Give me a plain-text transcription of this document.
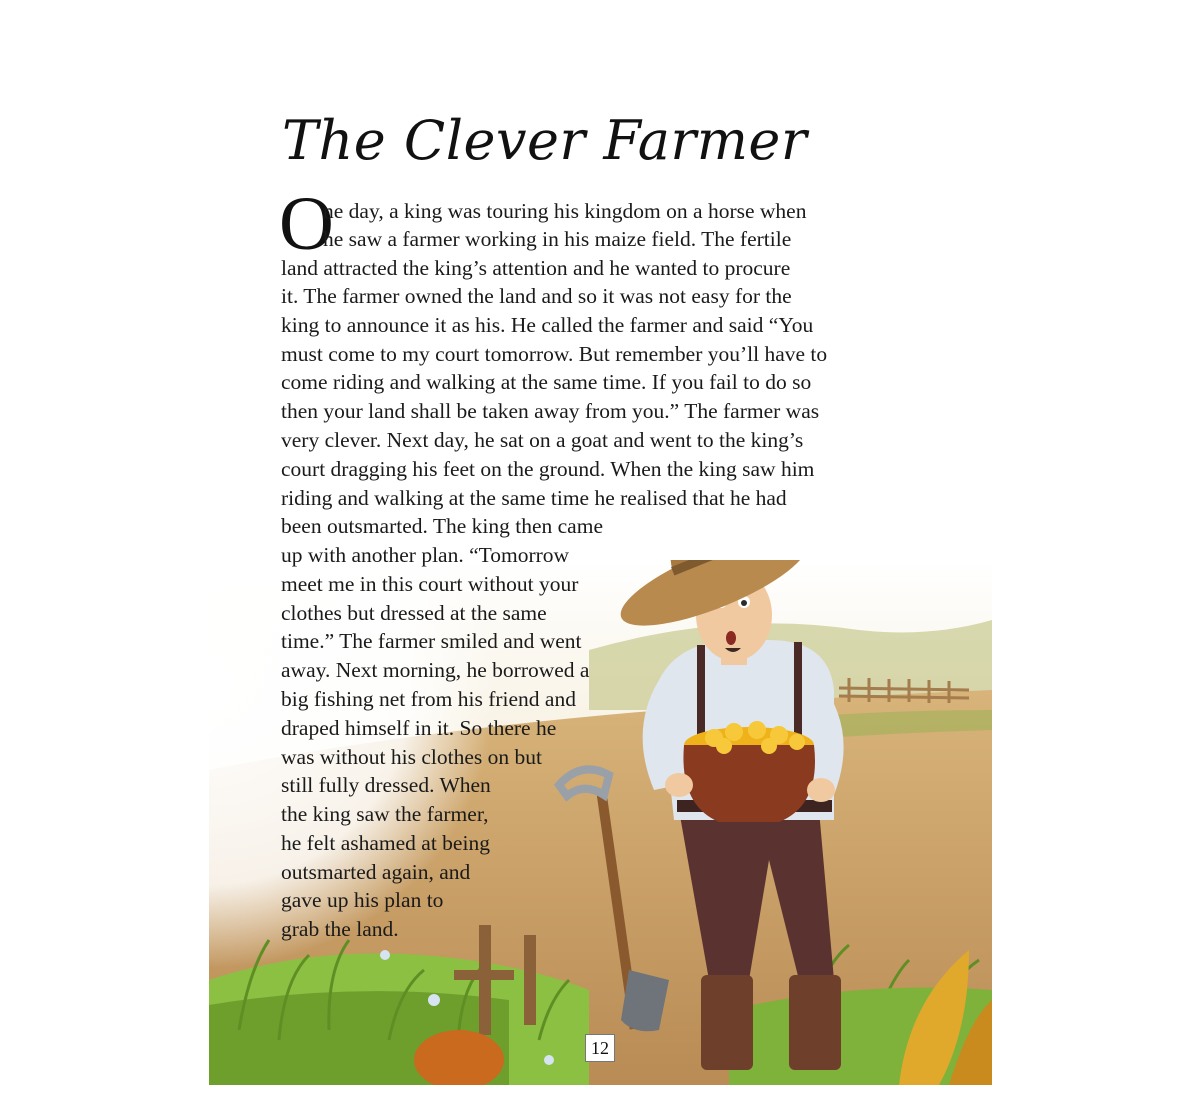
The Clever Farmer
O
ne day, a king was touring his kingdom on a horse when
he saw a farmer working in his maize field. The fertile
land attracted the king’s attention and he wanted to procure
it. The farmer owned the land and so it was not easy for the
king to announce it as his. He called the farmer and said “You
must come to my court tomorrow. But remember you’ll have to
come riding and walking at the same time. If you fail to do so
then your land shall be taken away from you.” The farmer was
very clever. Next day, he sat on a goat and went to the king’s
court dragging his feet on the ground. When the king saw him
riding and walking at the same time he realised that he had
been outsmarted. The king then came
up with another plan. “Tomorrow
meet me in this court without your
clothes but dressed at the same
time.” The farmer smiled and went
away. Next morning, he borrowed a
big fishing net from his friend and
draped himself in it. So there he
was without his clothes on but
still fully dressed. When
the king saw the farmer,
he felt ashamed at being
outsmarted again, and
gave up his plan to
grab the land.
12
